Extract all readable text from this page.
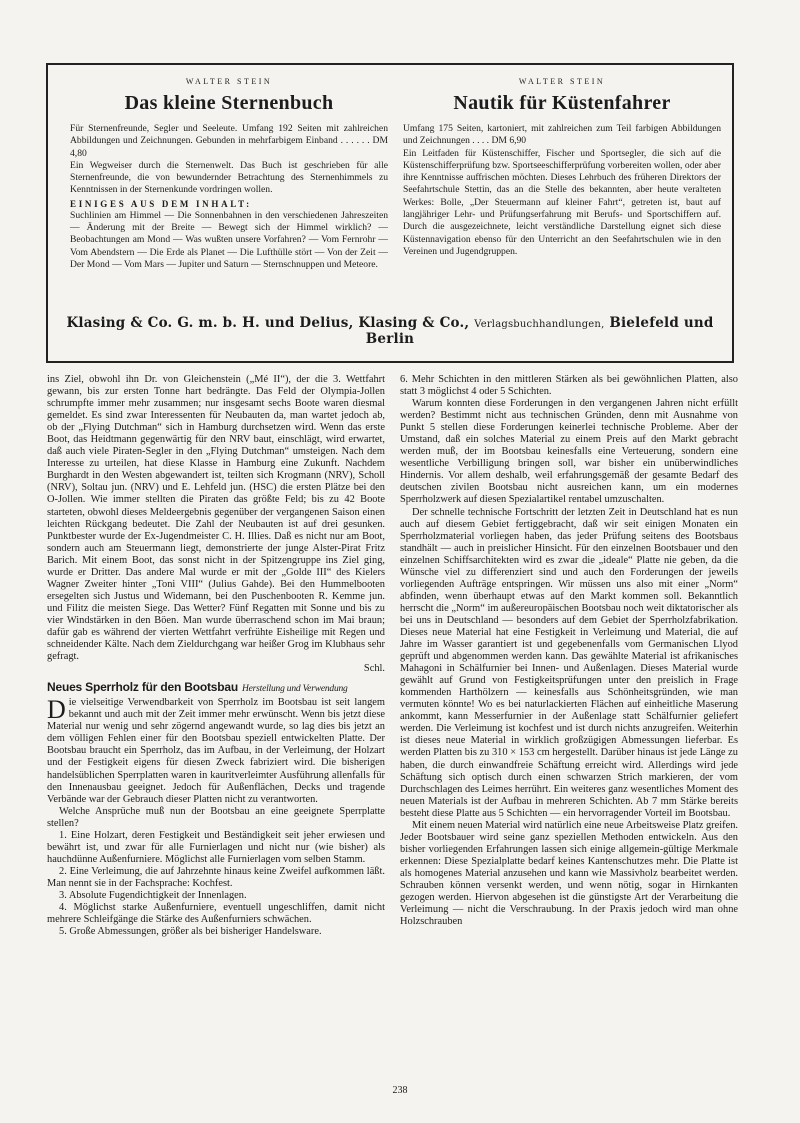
WALTER STEIN
Das kleine Sternenbuch

Für Sternenfreunde, Segler und Seeleute. Umfang 192 Seiten mit zahlreichen Abbildungen und Zeichnungen. Gebunden in mehrfarbigem Einband . . . . . . DM 4,80

Ein Wegweiser durch die Sternenwelt. Das Buch ist geschrieben für alle Sternenfreunde, die von bewundernder Betrachtung des Sternenhimmels zu Kenntnissen in der Sternenkunde vordringen wollen.

EINIGES AUS DEM INHALT:

Suchlinien am Himmel — Die Sonnenbahnen in den verschiedenen Jahreszeiten — Änderung mit der Breite — Bewegt sich der Himmel wirklich? — Beobachtungen am Mond — Was wußten unsere Vorfahren? — Vom Fernrohr — Vom Abendstern — Die Erde als Planet — Die Lufthülle stört — Von der Zeit — Der Mond — Vom Mars — Jupiter und Saturn — Sternschnuppen und Meteore.

WALTER STEIN
Nautik für Küstenfahrer

Umfang 175 Seiten, kartoniert, mit zahlreichen zum Teil farbigen Abbildungen und Zeichnungen . . . . DM 6,90

Ein Leitfaden für Küstenschiffer, Fischer und Sportsegler, die sich auf die Küstenschifferprüfung bzw. Sportseeschifferprüfung vorbereiten wollen, oder aber ihre Kenntnisse auffrischen möchten. Dieses Lehrbuch des früheren Direktors der Seefahrtschule Stettin, das an die Stelle des bekannten, aber heute veralteten Werkes: Bolle, „Der Steuermann auf kleiner Fahrt“, getreten ist, baut auf langjähriger Lehr- und Prüfungserfahrung mit Berufs- und Sportschiffern auf. Durch die ausgezeichnete, leicht verständliche Darstellung eignet sich diese Küstennavigation ebenso für den Unterricht an den Seefahrtschulen wie in den Vereinen und Jugendgruppen.

Klasing & Co. G. m. b. H. und Delius, Klasing & Co., Verlagsbuchhandlungen, Bielefeld und Berlin

ins Ziel, obwohl ihn Dr. von Gleichenstein („Mé II“), der die 3. Wettfahrt gewann, bis zur ersten Tonne hart bedrängte. Das Feld der Olympia-Jollen schrumpfte immer mehr zusammen; nur insgesamt sechs Boote waren diesmal gemeldet. Es sind zwar Interessenten für Neubauten da, man wartet jedoch ab, ob der „Flying Dutchman“ sich in Hamburg durchsetzen wird. Wenn das erste Boot, das Heidtmann gegenwärtig für den NRV baut, einschlägt, wird erwartet, daß auch viele Piraten-Segler in den „Flying Dutchman“ umsteigen. Nach dem Interesse zu urteilen, hat diese Klasse in Hamburg eine Zukunft. Nachdem Burghardt in den Westen abgewandert ist, teilten sich Krogmann (NRV), Scholl (NRV), Soltau jun. (NRV) und E. Lehfeld jun. (HSC) die ersten Plätze bei den O-Jollen. Wie immer stellten die Piraten das größte Feld; bis zu 42 Boote starteten, obwohl dieses Meldeergebnis gegenüber der vergangenen Saison einen leichten Rückgang bedeutet. Die Zahl der Neubauten ist auf drei gesunken. Punktbester wurde der Ex-Jugendmeister C. H. Illies. Daß es nicht nur am Boot, sondern auch am Steuermann liegt, demonstrierte der junge Alster-Pirat Fritz Barich. Mit einem Boot, das sonst nicht in der Spitzengruppe ins Ziel ging, wurde er Dritter. Das andere Mal wurde er mit der „Golde III“ des Kielers Wagner Zweiter hinter „Toni VIII“ (Julius Gahde). Bei den Hummelbooten ersegelten sich Justus und Widemann, bei den Puschenbooten R. Kemme jun. und Filitz die meisten Siege. Das Wetter? Fünf Regatten mit Sonne und bis zu vier Windstärken in den Böen. Man wurde überraschend schon im Mai braun; dafür gab es während der vierten Wettfahrt verfrühte Eisheilige mit Regen und schneidender Kälte. Nach dem Zieldurchgang war heißer Grog im Klubhaus sehr gefragt.

Schl.
Neues Sperrholz für den Bootsbau Herstellung und Verwendung

Die vielseitige Verwendbarkeit von Sperrholz im Bootsbau ist seit langem bekannt und auch mit der Zeit immer mehr erwünscht. Wenn bis jetzt diese Material nur wenig und sehr zögernd angewandt wurde, so lag dies bis jetzt an dem völligen Fehlen einer für den Bootsbau speziell entwickelten Platte. Der Bootsbau braucht ein Sperrholz, das im Aufbau, in der Verleimung, der Holzart und der Festigkeit eigens für diesen Zweck fabriziert wird. Die bisherigen handelsüblichen Sperrplatten waren in kauritverleimter Ausführung allenfalls für den Innenausbau geeignet. Jedoch für Außenflächen, Decks und tragende Verbände war der Gebrauch dieser Platten nicht zu verantworten.

Welche Ansprüche muß nun der Bootsbau an eine geeignete Sperrplatte stellen?

1. Eine Holzart, deren Festigkeit und Beständigkeit seit jeher erwiesen und bewährt ist, und zwar für alle Furnierlagen und nicht nur (wie bisher) als hauchdünne Außenfurniere. Möglichst alle Furnierlagen vom selben Stamm.

2. Eine Verleimung, die auf Jahrzehnte hinaus keine Zweifel aufkommen läßt. Man nennt sie in der Fachsprache: Kochfest.

3. Absolute Fugendichtigkeit der Innenlagen.

4. Möglichst starke Außenfurniere, eventuell ungeschliffen, damit nicht mehrere Schleifgänge die Stärke des Außenfurniers schwächen.

5. Große Abmessungen, größer als bei bisheriger Handelsware.

6. Mehr Schichten in den mittleren Stärken als bei gewöhnlichen Platten, also statt 3 möglichst 4 oder 5 Schichten.

Warum konnten diese Forderungen in den vergangenen Jahren nicht erfüllt werden? Bestimmt nicht aus technischen Gründen, denn mit Ausnahme von Punkt 5 stellen diese Forderungen keinerlei technische Probleme. Aber der Umstand, daß ein solches Material zu einem Preis auf den Markt gebracht werden muß, der im Bootsbau keinesfalls eine Verteuerung, sondern eine wesentliche Verbilligung bringen soll, war bisher ein unüberwindliches Hindernis. Vor allem deshalb, weil erfahrungsgemäß der gesamte Bedarf des deutschen zivilen Bootsbau nicht ausreichen kann, um ein modernes Sperrholzwerk auf diesen Spezialartikel rentabel umzuschalten.

Der schnelle technische Fortschritt der letzten Zeit in Deutschland hat es nun auch auf diesem Gebiet fertiggebracht, daß wir seit einigen Monaten ein Sperrholzmaterial vorliegen haben, das jeder Prüfung seitens des Bootsbaus standhält — auch in preislicher Hinsicht. Für den einzelnen Bootsbauer und den einzelnen Schiffsarchitekten wird es zwar die „ideale“ Platte nie geben, da die Wünsche viel zu differenziert sind und auch den Forderungen der jeweils vorliegenden Aufträge entspringen. Wir müssen uns also mit einer „Norm“ abfinden, wenn überhaupt etwas auf den Markt kommen soll. Bekanntlich herrscht die „Norm“ im außereuropäischen Bootsbau noch weit diktatorischer als bei uns in Deutschland — besonders auf dem Gebiet der Sperrholzfabrikation. Dieses neue Material hat eine Festigkeit in Verleimung und Material, die auf Jahre im Wasser garantiert ist und gegebenenfalls vom Germanischen Llyod geprüft und abgenommen werden kann. Das gewählte Material ist afrikanisches Mahagoni in Schälfurnier bei Innen- und Außenlagen. Dieses Material wurde gewählt auf Grund von Festigkeitsprüfungen unter den preislich in Frage kommenden Harthölzern — keinesfalls aus Schönheitsgründen, wie man vermuten könnte! Wo es bei naturlackierten Flächen auf einheitliche Maserung ankommt, kann Messerfurnier in der Außenlage statt Schälfurnier geliefert werden. Die Verleimung ist kochfest und ist durch nichts anzugreifen. Weiterhin ist dieses neue Material in wirklich großzügigen Abmessungen lieferbar. Es werden Platten bis zu 310 × 153 cm hergestellt. Darüber hinaus ist jede Länge zu haben, die durch einwandfreie Schäftung erreicht wird. Allerdings wird jede Schäftung sich optisch durch einen schwarzen Strich markieren, der vom Durchschlagen des Leimes herrührt. Ein weiteres ganz wesentliches Moment des neuen Materials ist der Aufbau in mehreren Schichten. Ab 7 mm Stärke bereits besteht diese Platte aus 5 Schichten — ein hervorragender Vorteil im Bootsbau.

Mit einem neuen Material wird natürlich eine neue Arbeitsweise Platz greifen. Jeder Bootsbauer wird seine ganz speziellen Methoden entwickeln. Aus den bisher vorliegenden Erfahrungen lassen sich einige allgemein-gültige Merkmale erkennen: Diese Spezialplatte bedarf keines Kantenschutzes mehr. Die Platte ist als homogenes Material anzusehen und kann wie Massivholz bearbeitet werden. Schrauben können versenkt werden, und wenn nötig, sogar in Hirnkanten gezogen werden. Hiervon abgesehen ist die günstigste Art der Verarbeitung die Verleimung — nicht die Verschraubung. In der Praxis jedoch wird man ohne Holzschrauben

238
